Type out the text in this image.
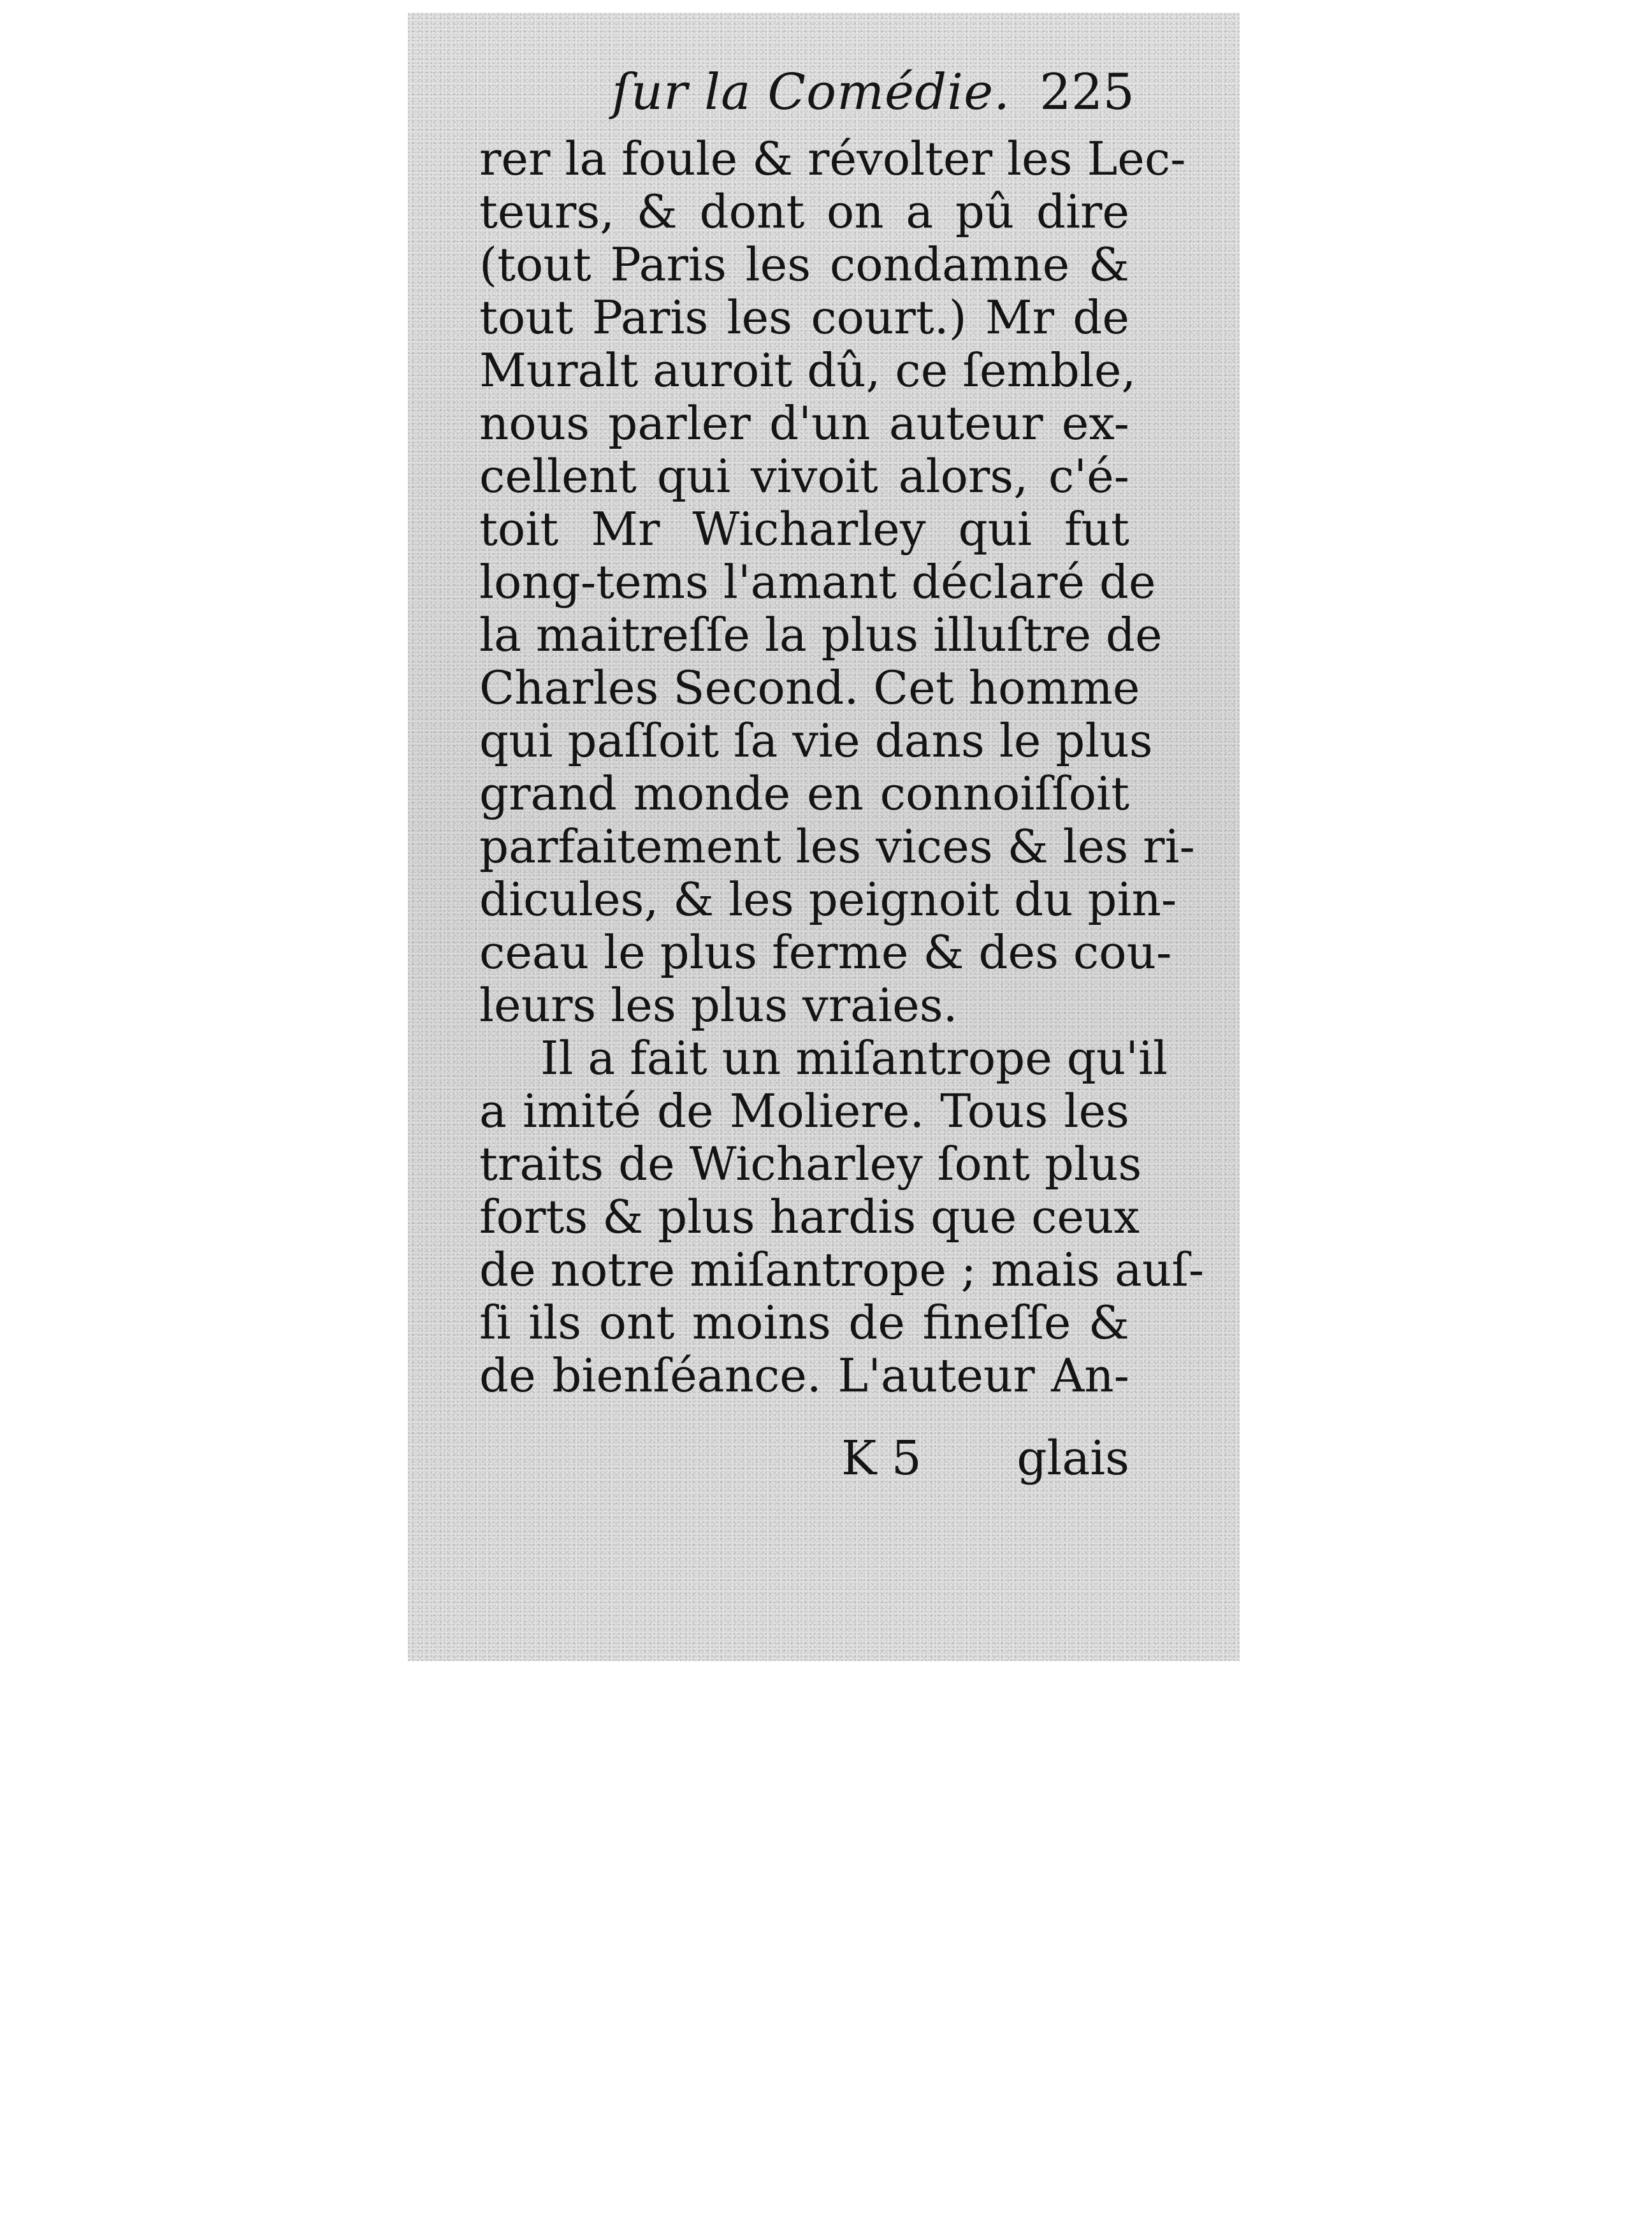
ſur la Comédie. 225
rer la foule & révolter les Lec-
teurs, & dont on a pû dire
(tout Paris les condamne &
tout Paris les court.) Mr de
Muralt auroit dû, ce ſemble,
nous parler d'un auteur ex-
cellent qui vivoit alors, c'é-
toit Mr Wicharley qui fut
long-tems l'amant déclaré de
la maitreſſe la plus illuſtre de
Charles Second. Cet homme
qui paſſoit ſa vie dans le plus
grand monde en connoiſſoit
parfaitement les vices & les ri-
dicules, & les peignoit du pin-
ceau le plus ferme & des cou-
leurs les plus vraies.
Il a fait un miſantrope qu'il
a imité de Moliere. Tous les
traits de Wicharley ſont plus
forts & plus hardis que ceux
de notre miſantrope ; mais auſ-
ſi ils ont moins de fineſſe &
de bienſéance. L'auteur An-
K 5 glais
